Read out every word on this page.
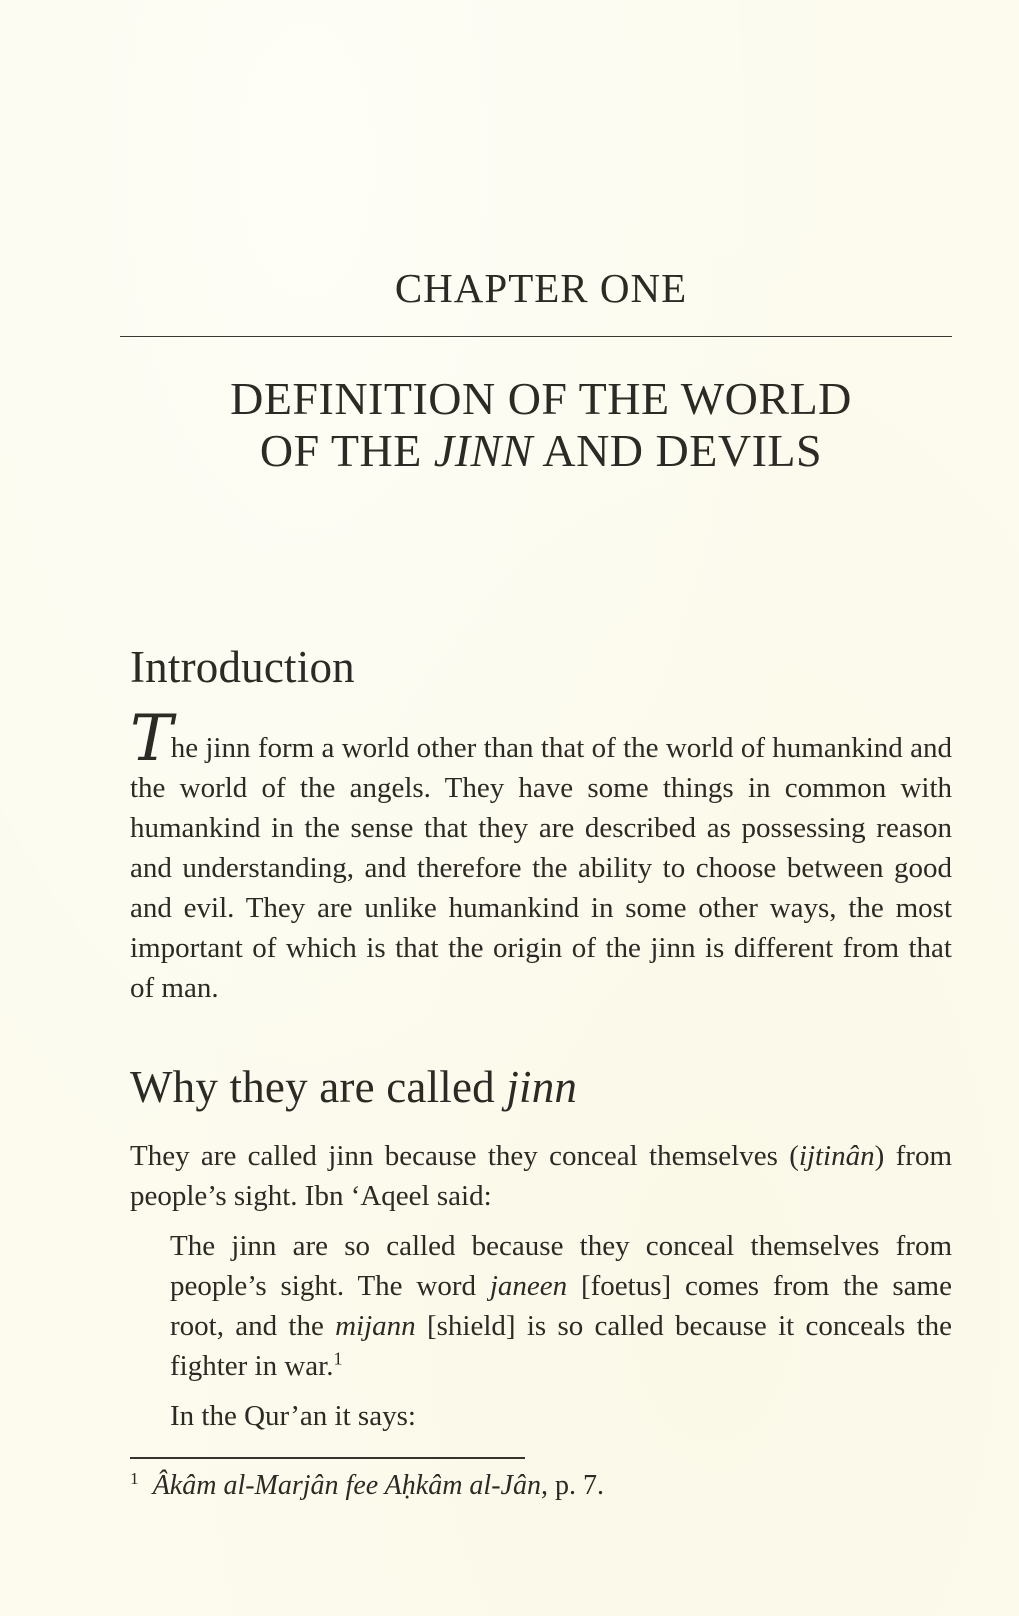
CHAPTER ONE
DEFINITION OF THE WORLD
OF THE JINN AND DEVILS
Introduction

The jinn form a world other than that of the world of humankind and the world of the angels. They have some things in common with humankind in the sense that they are described as possessing reason and understanding, and therefore the ability to choose between good and evil. They are unlike humankind in some other ways, the most important of which is that the origin of the jinn is different from that of man.

Why they are called jinn

They are called jinn because they conceal themselves (ijtinân) from people’s sight. Ibn ‘Aqeel said:

The jinn are so called because they conceal themselves from people’s sight. The word janeen [foetus] comes from the same root, and the mijann [shield] is so called because it conceals the fighter in war.$^1$

In the Qur’an it says:

$^1$ Âkâm al-Marjân fee Aḥkâm al-Jân, p. 7.
